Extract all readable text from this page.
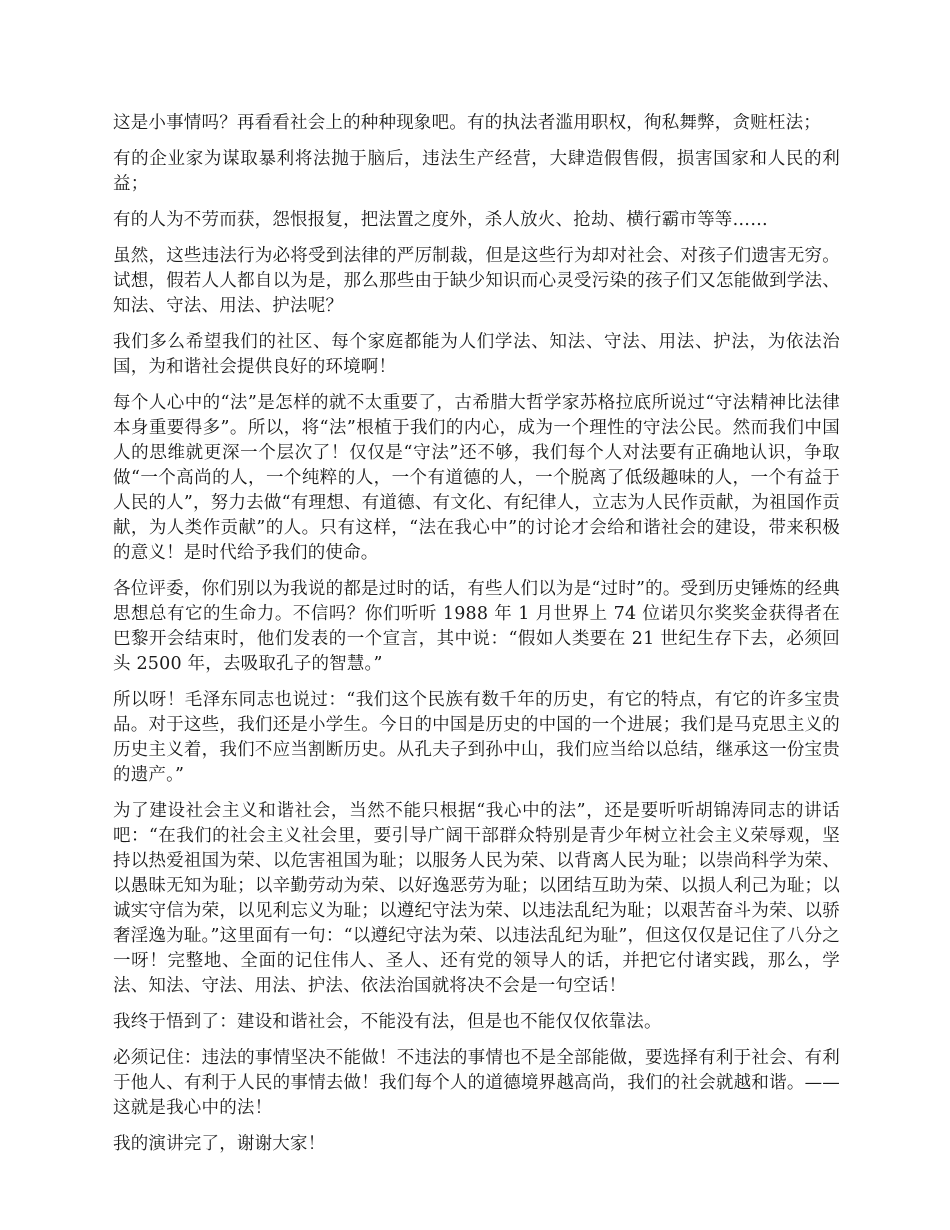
这是小事情吗？再看看社会上的种种现象吧。有的执法者滥用职权，徇私舞弊，贪赃枉法；

有的企业家为谋取暴利将法抛于脑后，违法生产经营，大肆造假售假，损害国家和人民的利益；

有的人为不劳而获，怨恨报复，把法置之度外，杀人放火、抢劫、横行霸市等等……

虽然，这些违法行为必将受到法律的严厉制裁，但是这些行为却对社会、对孩子们遗害无穷。试想，假若人人都自以为是，那么那些由于缺少知识而心灵受污染的孩子们又怎能做到学法、知法、守法、用法、护法呢？

我们多么希望我们的社区、每个家庭都能为人们学法、知法、守法、用法、护法，为依法治国，为和谐社会提供良好的环境啊！

每个人心中的“法”是怎样的就不太重要了，古希腊大哲学家苏格拉底所说过“守法精神比法律本身重要得多”。所以，将“法”根植于我们的内心，成为一个理性的守法公民。然而我们中国人的思维就更深一个层次了！仅仅是“守法”还不够，我们每个人对法要有正确地认识，争取做“一个高尚的人，一个纯粹的人，一个有道德的人，一个脱离了低级趣味的人，一个有益于人民的人”，努力去做“有理想、有道德、有文化、有纪律人，立志为人民作贡献，为祖国作贡献，为人类作贡献”的人。只有这样，“法在我心中”的讨论才会给和谐社会的建设，带来积极的意义！是时代给予我们的使命。

各位评委，你们别以为我说的都是过时的话，有些人们以为是“过时”的。受到历史锤炼的经典思想总有它的生命力。不信吗？你们听听 1988 年 1 月世界上 74 位诺贝尔奖奖金获得者在巴黎开会结束时，他们发表的一个宣言，其中说：“假如人类要在 21 世纪生存下去，必须回头 2500 年，去吸取孔子的智慧。”

所以呀！毛泽东同志也说过：“我们这个民族有数千年的历史，有它的特点，有它的许多宝贵品。对于这些，我们还是小学生。今日的中国是历史的中国的一个进展；我们是马克思主义的历史主义着，我们不应当割断历史。从孔夫子到孙中山，我们应当给以总结，继承这一份宝贵的遗产。”

为了建设社会主义和谐社会，当然不能只根据“我心中的法”，还是要听听胡锦涛同志的讲话吧：“在我们的社会主义社会里，要引导广阔干部群众特别是青少年树立社会主义荣辱观，坚持以热爱祖国为荣、以危害祖国为耻；以服务人民为荣、以背离人民为耻；以崇尚科学为荣、以愚昧无知为耻；以辛勤劳动为荣、以好逸恶劳为耻；以团结互助为荣、以损人利己为耻；以诚实守信为荣，以见利忘义为耻；以遵纪守法为荣、以违法乱纪为耻；以艰苦奋斗为荣、以骄奢淫逸为耻。”这里面有一句：“以遵纪守法为荣、以违法乱纪为耻”，但这仅仅是记住了八分之一呀！完整地、全面的记住伟人、圣人、还有党的领导人的话，并把它付诸实践，那么，学法、知法、守法、用法、护法、依法治国就将决不会是一句空话！

我终于悟到了：建设和谐社会，不能没有法，但是也不能仅仅依靠法。

必须记住：违法的事情坚决不能做！不违法的事情也不是全部能做，要选择有利于社会、有利于他人、有利于人民的事情去做！我们每个人的道德境界越高尚，我们的社会就越和谐。——这就是我心中的法！

我的演讲完了，谢谢大家！
